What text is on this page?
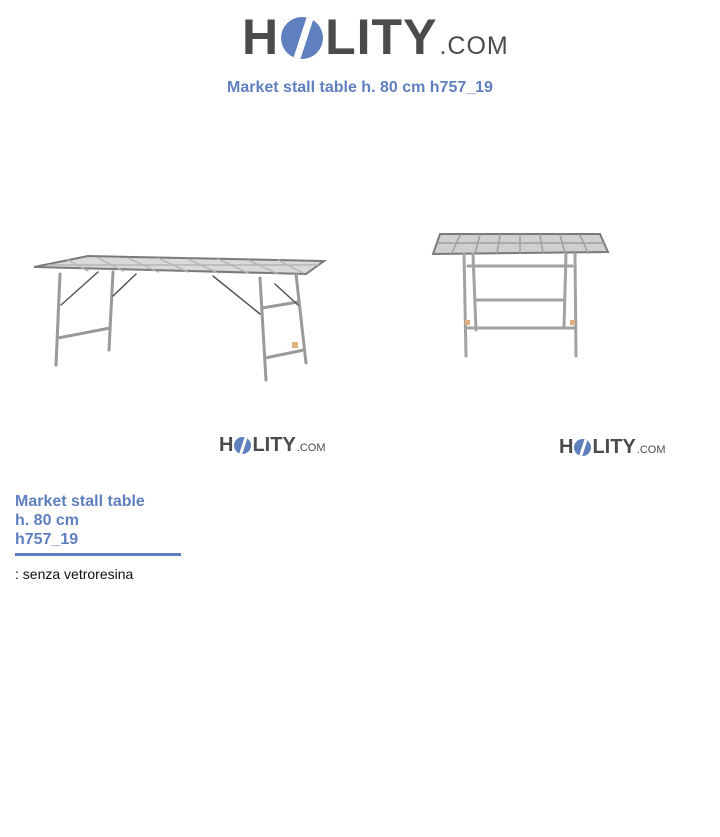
H LITY .COM
Market stall table h. 80 cm h757_19
H LITY .COM	H LITY .COM
Market stall table
h. 80 cm
h757_19
: senza vetroresina
